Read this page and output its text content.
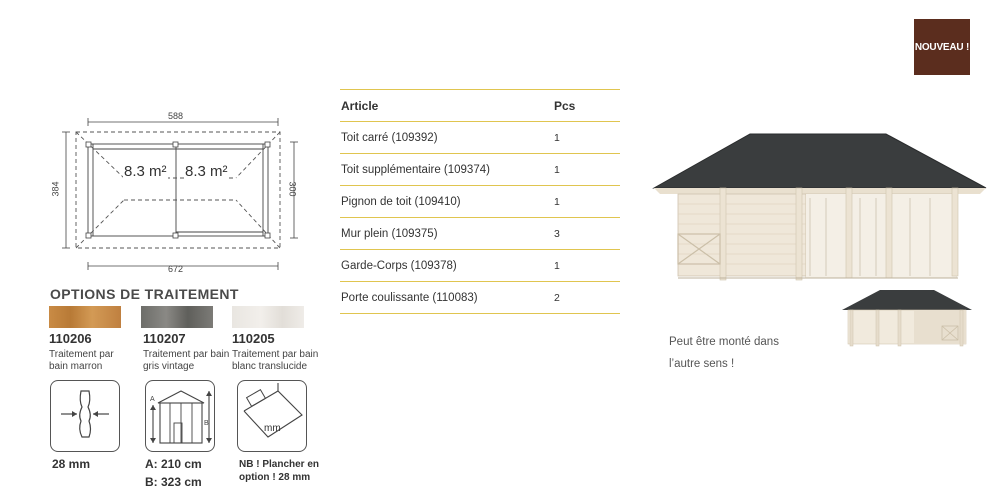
NOUVEAU !
588
672
384	300
8.3 m² 8.3 m²
OPTIONS DE TRAITEMENT
110206	110207	110205
Traitement par bain marron
Traitement par bain gris vintage
Traitement par bain blanc translucide
28 mm
A
B
A: 210 cm
B: 323 cm
mm
NB ! Plancher en
option ! 28 mm
Article	Pcs
Toit carré (109392)	1
Toit supplémentaire (109374)	1
Pignon de toit (109410)	1
Mur plein (109375)	3
Garde-Corps (109378)	1
Porte coulissante (110083)	2
Peut être monté dans
l’autre sens !
